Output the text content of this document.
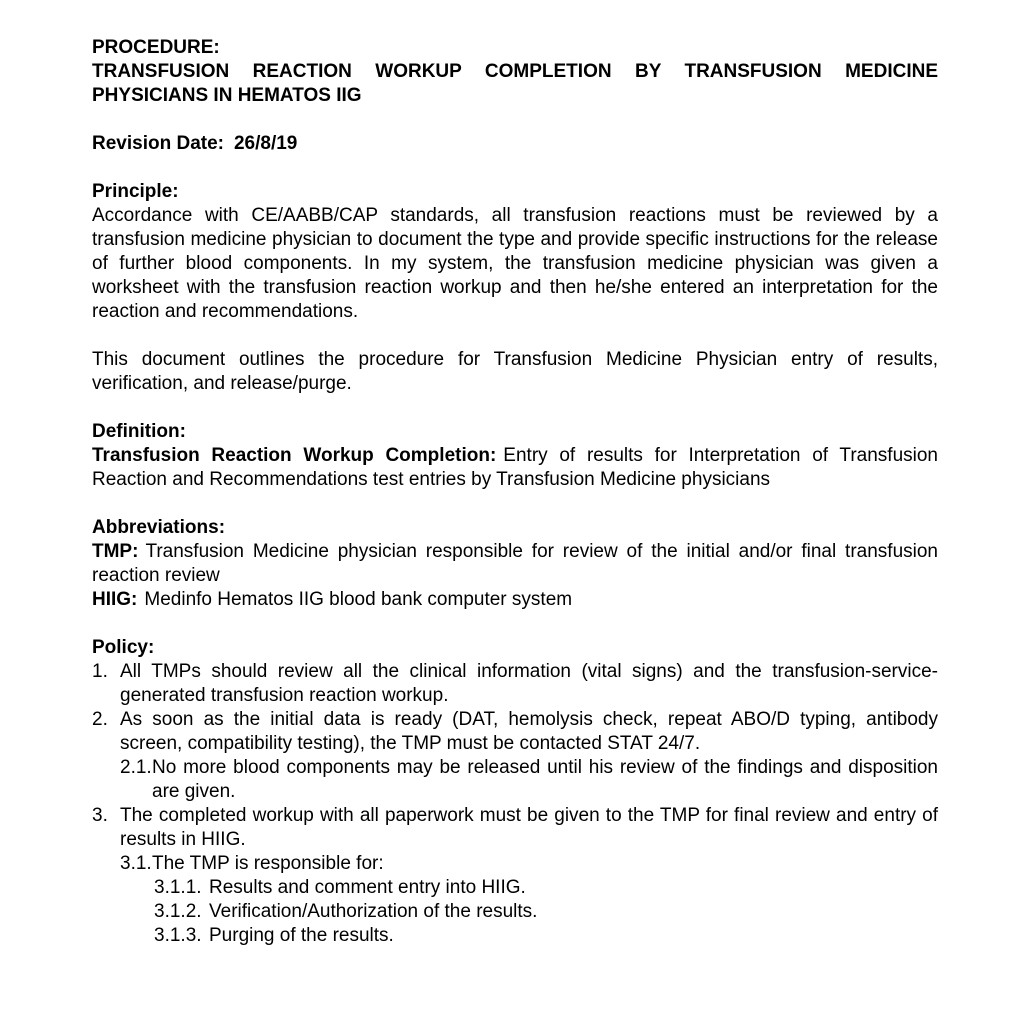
PROCEDURE:
TRANSFUSION REACTION WORKUP COMPLETION BY TRANSFUSION MEDICINE PHYSICIANS IN HEMATOS IIG
Revision Date: 26/8/19
Principle:
Accordance with CE/AABB/CAP standards, all transfusion reactions must be reviewed by a transfusion medicine physician to document the type and provide specific instructions for the release of further blood components. In my system, the transfusion medicine physician was given a worksheet with the transfusion reaction workup and then he/she entered an interpretation for the reaction and recommendations.
This document outlines the procedure for Transfusion Medicine Physician entry of results, verification, and release/purge.
Definition:
Transfusion Reaction Workup Completion: Entry of results for Interpretation of Transfusion Reaction and Recommendations test entries by Transfusion Medicine physicians
Abbreviations:
TMP: Transfusion Medicine physician responsible for review of the initial and/or final transfusion reaction review
HIIG: Medinfo Hematos IIG blood bank computer system
Policy:
1. All TMPs should review all the clinical information (vital signs) and the transfusion-service-generated transfusion reaction workup.
2. As soon as the initial data is ready (DAT, hemolysis check, repeat ABO/D typing, antibody screen, compatibility testing), the TMP must be contacted STAT 24/7.
2.1. No more blood components may be released until his review of the findings and disposition are given.
3. The completed workup with all paperwork must be given to the TMP for final review and entry of results in HIIG.
3.1. The TMP is responsible for:
3.1.1. Results and comment entry into HIIG.
3.1.2. Verification/Authorization of the results.
3.1.3. Purging of the results.
